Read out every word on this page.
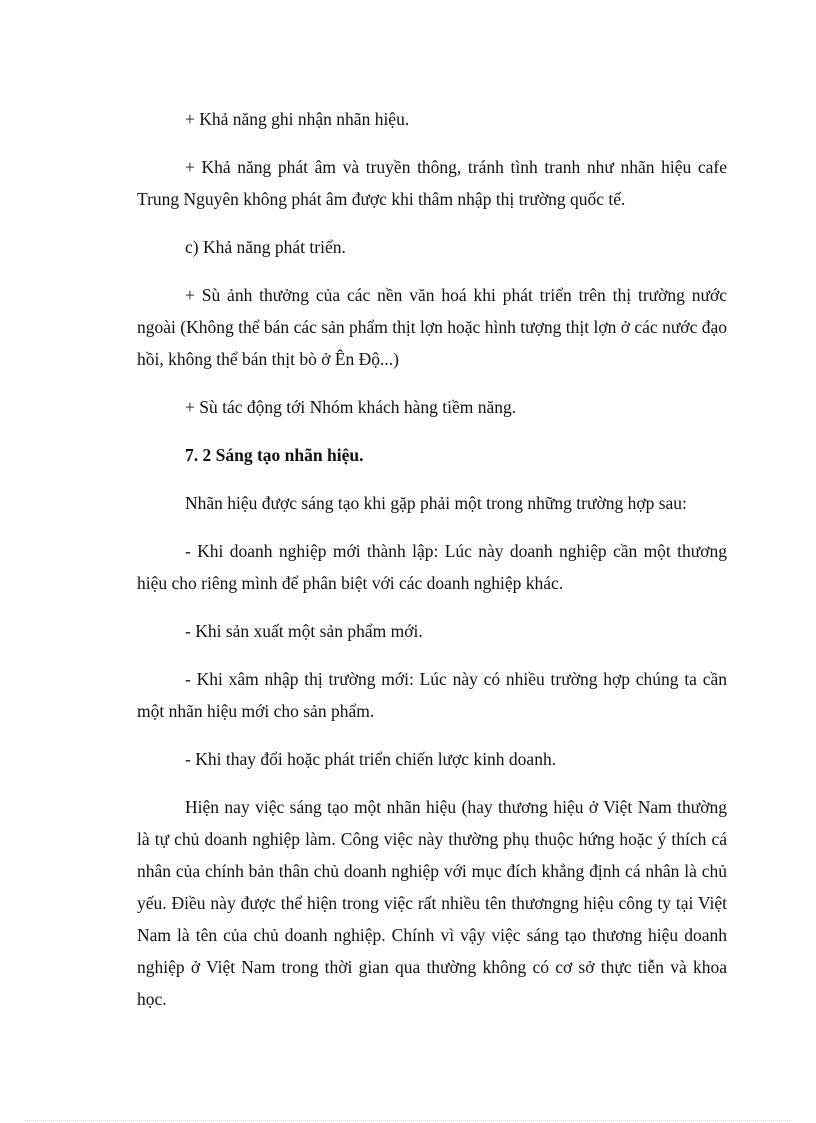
+ Khả năng ghi nhận nhãn hiệu.

+ Khả năng phát âm và truyền thông, tránh tình tranh như nhãn hiệu cafe Trung Nguyên không phát âm được khi thâm nhập thị trường quốc tế.

c) Khả năng phát triển.

+ Sù ảnh thưởng của các nền văn hoá khi phát triển trên thị trường nước ngoài (Không thể bán các sản phẩm thịt lợn hoặc hình tượng thịt lợn ở các nước đạo hồi, không thể bán thịt bò ở Ên Độ...)

+ Sù tác động tới Nhóm khách hàng tiềm năng.

7. 2 Sáng tạo nhãn hiệu.

Nhãn hiệu được sáng tạo khi gặp phải một trong những trường hợp sau:

- Khi doanh nghiệp mới thành lập: Lúc này doanh nghiệp cần một thương hiệu cho riêng mình để phân biệt với các doanh nghiệp khác.

- Khi sản xuất một sản phẩm mới.

- Khi xâm nhập thị trường mới: Lúc này có nhiều trường hợp chúng ta cần một nhãn hiệu mới cho sản phẩm.

- Khi thay đổi hoặc phát triển chiến lược kinh doanh.

Hiện nay việc sáng tạo một nhãn hiệu (hay thương hiệu ở Việt Nam thường là tự chủ doanh nghiệp làm. Công việc này thường phụ thuộc hứng hoặc ý thích cá nhân của chính bản thân chủ doanh nghiệp với mục đích khẳng định cá nhân là chủ yếu. Điều này được thể hiện trong việc rất nhiều tên thươngng hiệu công ty tại Việt Nam là tên của chủ doanh nghiệp. Chính vì vậy việc sáng tạo thương hiệu doanh nghiệp ở Việt Nam trong thời gian qua thường không có cơ sở thực tiễn và khoa học.
